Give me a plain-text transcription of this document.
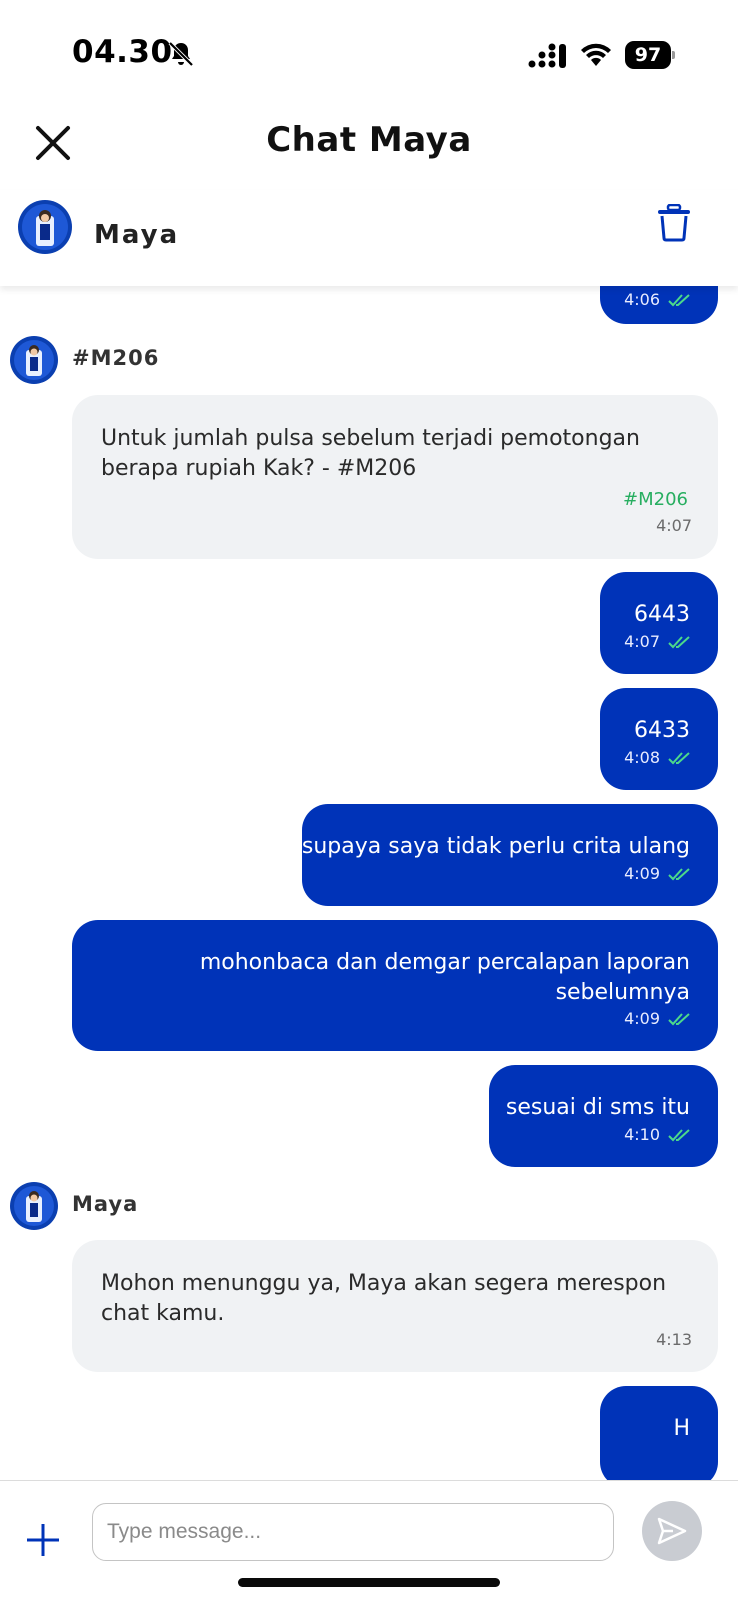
04.30	97
Chat Maya
Maya
4:06
#M206
Untuk jumlah pulsa sebelum terjadi pemotongan berapa rupiah Kak? - #M206
#M206
4:07
6443
4:07
6433
4:08
supaya saya tidak perlu crita ulang
4:09
mohonbaca dan demgar percalapan laporan
sebelumnya
4:09
sesuai di sms itu
4:10
Maya
Mohon menunggu ya, Maya akan segera merespon chat kamu.
4:13
H
Type message...
